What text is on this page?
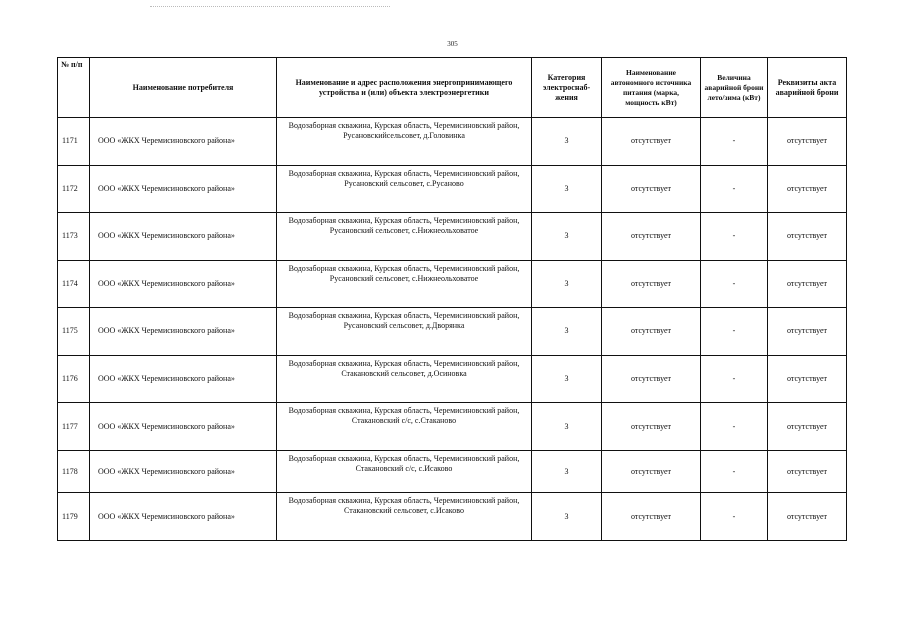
305
№ п/п	Наименование потребителя	Наименование и адрес расположения энергопринимающего устройства и (или) объекта электроэнергетики	Категория электроснаб-жения	Наименование автономного источника питания (марка, мощность кВт)	Величина аварийной брони лето/зима (кВт)	Реквизиты акта аварийной брони
1171	ООО «ЖКХ Черемисиновского района»	Водозаборная скважина, Курская область, Черемисиновский район, Русановскийсельсовет, д.Головинка	3	отсутствует	-	отсутствует
1172	ООО «ЖКХ Черемисиновского района»	Водозаборная скважина, Курская область, Черемисиновский район, Русановский сельсовет, с.Русаново	3	отсутствует	-	отсутствует
1173	ООО «ЖКХ Черемисиновского района»	Водозаборная скважина, Курская область, Черемисиновский район, Русановский сельсовет, с.Нижнеольховатое	3	отсутствует	-	отсутствует
1174	ООО «ЖКХ Черемисиновского района»	Водозаборная скважина, Курская область, Черемисиновский район, Русановский сельсовет, с.Нижнеольховатое	3	отсутствует	-	отсутствует
1175	ООО «ЖКХ Черемисиновского района»	Водозаборная скважина, Курская область, Черемисиновский район, Русановский сельсовет, д.Дворянка	3	отсутствует	-	отсутствует
1176	ООО «ЖКХ Черемисиновского района»	Водозаборная скважина, Курская область, Черемисиновский район, Стакановский сельсовет, д.Осиновка	3	отсутствует	-	отсутствует
1177	ООО «ЖКХ Черемисиновского района»	Водозаборная скважина, Курская область, Черемисиновский район, Стакановский с/с, с.Стаканово	3	отсутствует	-	отсутствует
1178	ООО «ЖКХ Черемисиновского района»	Водозаборная скважина, Курская область, Черемисиновский район, Стакановский с/с, с.Исаково	3	отсутствует	-	отсутствует
1179	ООО «ЖКХ Черемисиновского района»	Водозаборная скважина, Курская область, Черемисиновский район, Стакановский сельсовет, с.Исаково	3	отсутствует	-	отсутствует
